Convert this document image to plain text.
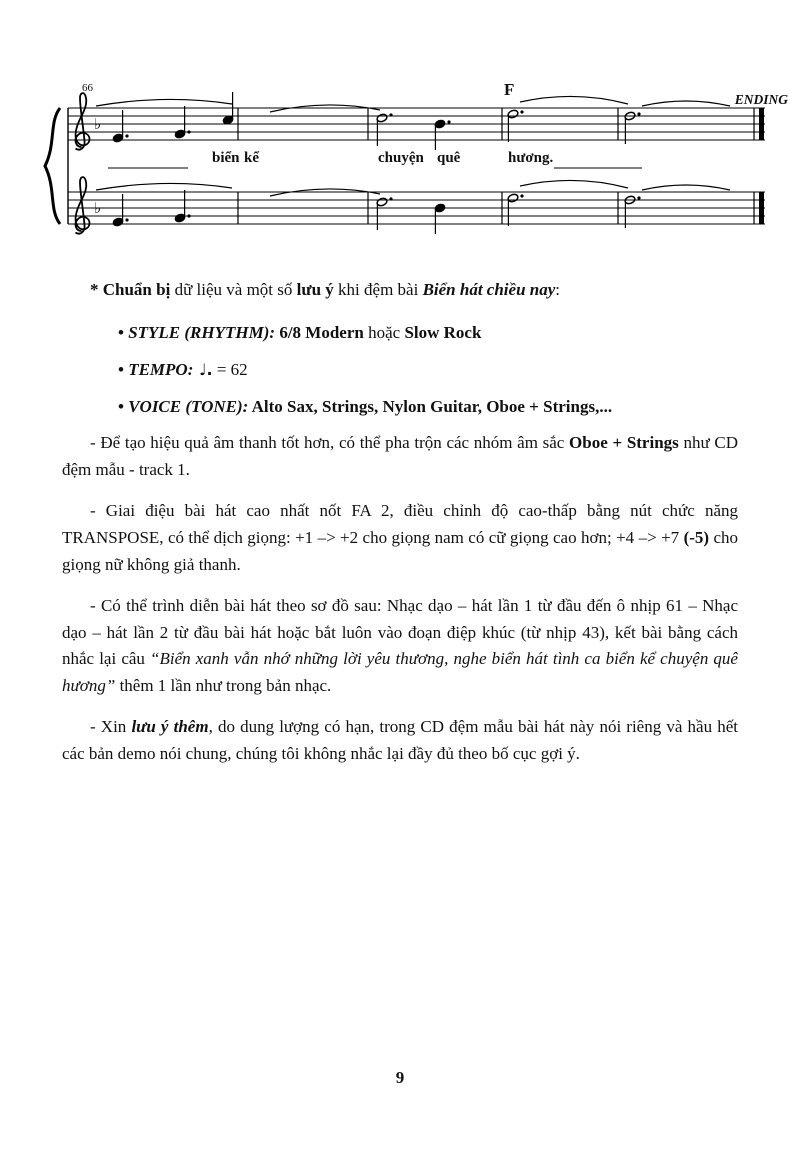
♭
♭
66	F
ENDING
biển kể	chuyện quê	hương.

* Chuẩn bị dữ liệu và một số lưu ý khi đệm bài Biển hát chiều nay:

• STYLE (RHYTHM): 6/8 Modern hoặc Slow Rock

• TEMPO: ♩. = 62

• VOICE (TONE): Alto Sax, Strings, Nylon Guitar, Oboe + Strings,...

- Để tạo hiệu quả âm thanh tốt hơn, có thể pha trộn các nhóm âm sắc Oboe + Strings như CD đệm mẫu - track 1.

- Giai điệu bài hát cao nhất nốt FA 2, điều chỉnh độ cao-thấp bằng nút chức năng TRANSPOSE, có thể dịch giọng: +1 –> +2 cho giọng nam có cữ giọng cao hơn; +4 –> +7 (-5) cho giọng nữ không giả thanh.

- Có thể trình diễn bài hát theo sơ đồ sau: Nhạc dạo – hát lần 1 từ đầu đến ô nhịp 61 – Nhạc dạo – hát lần 2 từ đầu bài hát hoặc bắt luôn vào đoạn điệp khúc (từ nhịp 43), kết bài bằng cách nhắc lại câu “Biển xanh vẫn nhớ những lời yêu thương, nghe biển hát tình ca biển kể chuyện quê hương” thêm 1 lần như trong bản nhạc.

- Xin lưu ý thêm, do dung lượng có hạn, trong CD đệm mẫu bài hát này nói riêng và hầu hết các bản demo nói chung, chúng tôi không nhắc lại đầy đủ theo bố cục gợi ý.

9
